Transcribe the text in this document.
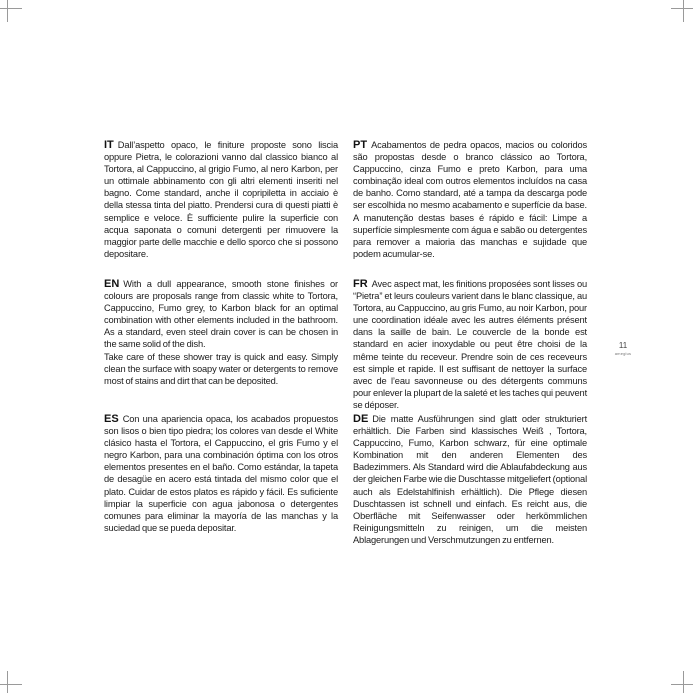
IT Dall’aspetto opaco, le finiture proposte sono liscia oppure Pietra, le colorazioni vanno dal classico bianco al Tortora, al Cappuccino, al grigio Fumo, al nero Karbon, per un ottimale abbinamento con gli altri elementi inseriti nel bagno. Come standard, anche il copripiletta in acciaio è della stessa tinta del piatto. Prendersi cura di questi piatti è semplice e veloce. È sufficiente pulire la superficie con acqua saponata o comuni detergenti per rimuovere la maggior parte delle macchie e dello sporco che si possono depositare.

EN With a dull appearance, smooth stone finishes or colours are proposals range from classic white to Tortora, Cappuccino, Fumo grey, to Karbon black for an optimal combination with other elements included in the bathroom. As a standard, even steel drain cover is can be chosen in the same solid of the dish.

Take care of these shower tray is quick and easy. Simply clean the surface with soapy water or detergents to remove most of stains and dirt that can be deposited.

ES Con una apariencia opaca, los acabados propuestos son lisos o bien tipo piedra; los colores van desde el White clásico hasta el Tortora, el Cappuccino, el gris Fumo y el negro Karbon, para una combinación óptima con los otros elementos presentes en el baño. Como estándar, la tapeta de desagüe en acero está tintada del mismo color que el plato. Cuidar de estos platos es rápido y fácil. Es suficiente limpiar la superficie con agua jabonosa o detergentes comunes para eliminar la mayoría de las manchas y la suciedad que se pueda depositar.

PT Acabamentos de pedra opacos, macios ou coloridos são propostas desde o branco clássico ao Tortora, Cappuccino, cinza Fumo e preto Karbon, para uma combinação ideal com outros elementos incluídos na casa de banho. Como standard, até a tampa da descarga pode ser escolhida no mesmo acabamento e superfície da base. A manutenção destas bases é rápido e fácil: Limpe a superfície simplesmente com água e sabão ou detergentes para remover a maioria das manchas e sujidade que podem acumular-se.

FR Avec aspect mat, les finitions proposées sont lisses ou “Pietra” et leurs couleurs varient dans le blanc classique, au Tortora, au Cappuccino, au gris Fumo, au noir Karbon, pour une coordination idéale avec les autres éléments présent dans la saille de bain. Le couvercle de la bonde est standard en acier inoxydable ou peut être choisi de la même teinte du receveur. Prendre soin de ces receveurs est simple et rapide. Il est suffisant de nettoyer la surface avec de l’eau savonneuse ou des détergents communs pour enlever la plupart de la saleté et les taches qui peuvent se déposer.

DE Die matte Ausführungen sind glatt oder strukturiert erhältlich. Die Farben sind klassisches Weiß , Tortora, Cappuccino, Fumo, Karbon schwarz, für eine optimale Kombination mit den anderen Elementen des Badezimmers. Als Standard wird die Ablaufabdeckung aus der gleichen Farbe wie die Duschtasse mitgeliefert (optional auch als Edelstahlfinish erhältlich). Die Pflege diesen Duschtassen ist schnell und einfach. Es reicht aus, die Oberfläche mit Seifenwasser oder herkömmlichen Reinigungsmitteln zu reinigen, um die meisten Ablagerungen und Verschmutzungen zu entfernen.

11
ameglus
